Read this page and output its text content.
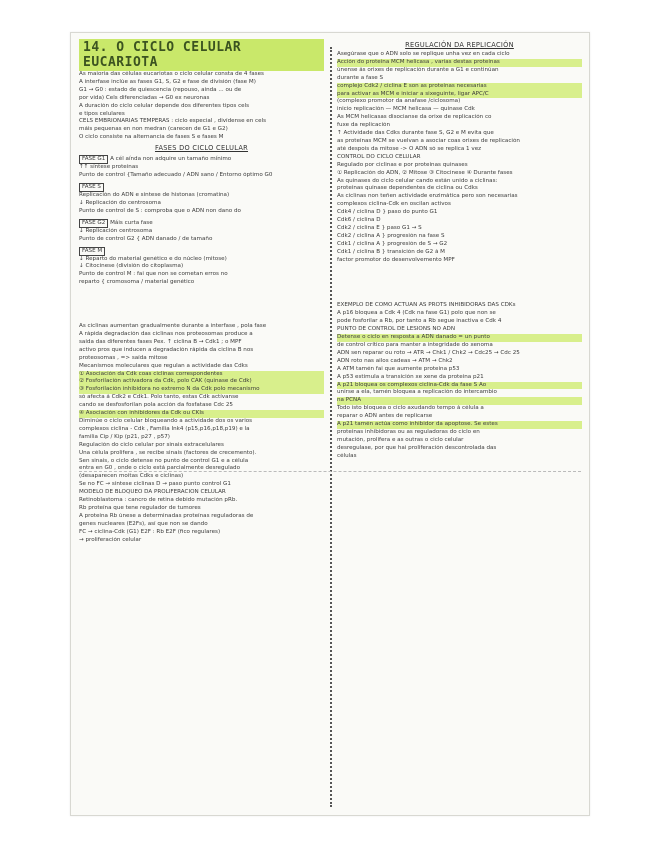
14. O CICLO CELULAR EUCARIOTA
As maioria das células eucariotas o ciclo celular consta de 4 fases
A interfase inclúe as fases G1, S, G2 e fase de división (fase M)
G1 → G0 : estado de quiescencia (repouso, aínda ... ou de
por vida) Cels diferenciadas → G0 ex neuronas
A duración do ciclo celular depende dos diferentes tipos cels
e tipos celulares
CELS EMBRIONARIAS TEMPERÁS : ciclo especial , divídense en cels
máis pequenas en non medran (carecen de G1 e G2)
O ciclo consiste na alternancia de fases S e fases M
FASES DO CICLO CELULAR
FASE G1 A cél aínda non adquire un tamaño mínimo
↑↑ síntese proteínas
Punto de control {Tamaño adecuado / ADN sano / Entorno óptimo G0
FASE S
Replicación do ADN e síntese de histonas (cromatina)
↓ Replicación do centrosoma
Punto de control de S : comproba que o ADN non dano do
FASE G2 Máis curta fase
↓ Replicación centrosoma
Punto de control G2 { ADN danado / de tamaño
FASE M
↓ Reparto do material genético e do núcleo (mitose)
↓ Citocinese (división do citoplasma)
Punto de control M : fai que non se cometan erros no
reparto { cromosoma / material genético
As ciclinas aumentan gradualmente durante a interfase , pola fase
A rápida degradación das ciclinas nos proteosomas produce a
saída das diferentes fases Pex. ↑ ciclina B → Cdk1 ; o MPF
activo pros que inducen a degradación rápida da ciclina B nos
proteosomas , => saída mitose
Mecanismos moleculares que regulan a actividade das Cdks
① Asociación da Cdk coas ciclinas correspondentes
② Fosforilación activadora da Cdk, polo CAK (quinase de Cdk)
③ Fosforilación inhibidora no extremo N da Cdk polo mecanismo
só afecta á Cdk2 e Cdk1. Polo tanto, estas Cdk actívanse
cando se desfosforilan pola acción da fosfatase Cdc 25
④ Asociación con inhibidores da Cdk ou CKIs
Diminúe o ciclo celular bloqueando a actividade dos os varios
complexos ciclina - Cdk , Familia Ink4 (p15,p16,p18,p19) e la
familia Cip / Kip (p21, p27 , p57)
Regulación do ciclo celular por sinais extracelulares
Una célula prolifera , se recibe sinais (factores de crecemento).
Sen sinais, o ciclo detense no punto de control G1 e a célula
entra en G0 , onde o ciclo está parcialmente desregulado
(desaparecen moitas Cdks e ciclinas)
Se no FC → síntese ciclinas D → paso punto control G1
MODELO DE BLOQUEO DA PROLIFERACIÓN CELULAR
Retinoblastoma : cancro de retina debido mutación pRb.
Rb proteína que tene regulador de tumores
A proteína Rb únese a determinadas proteínas reguladoras de
genes nucleares (E2Fs), así que non se dando
FC → ciclina-Cdk (G1) E2F : Rb E2F (fico regulares)
→ proliferación celular
REGULACIÓN DA REPLICACIÓN
Asegúrase que o ADN solo se replique unha vez en cada ciclo
Acción do proteína MCM helicasa , varias destas proteínas
únense ás orixes de replicación durante a G1 e continúan
durante a fase S
complejo Cdk2 / ciclina E son as proteínas necesarias
para activar as MCM e iniciar a sixeguinte, ligar APC/C
(complexo promotor da anafase /ciclosoma)
inicio replicación — MCM helicasa — quinase Cdk
As MCM helicasas disocianse da orixe de replicación co
fuxe da replicación
↑ Actividade das Cdks durante fase S, G2 e M evita que
as proteínas MCM se vuelvan a asociar coas orixes de replicación
até despois da mitose -> O ADN só se replica 1 vez
CONTROL DO CICLO CELULAR
Regulado por ciclinas e por proteínas quinases
① Replicación do ADN, ② Mitose ③ Citocinese ④ Durante fases
As quinases do ciclo celular cando están unido a ciclinas:
proteínas quinase dependentes de ciclina ou Cdks
As ciclinas non teñen actividade enzimática pero son necesarias
complexos ciclina-Cdk en oscilan activos
Cdk4 / ciclina D } paso do punto G1
Cdk6 / ciclina D
Cdk2 / ciclina E } paso G1 → S
Cdk2 / ciclina A } progresión na fase S
Cdk1 / ciclina A } progresión de S → G2
Cdk1 / ciclina B } transición de G2 á M
factor promotor do desenvolvemento MPF
EXEMPLO DE COMO ACTÚAN AS PROTS INHIBIDORAS DAS CDKs
A p16 bloquea a Cdk 4 (Cdk na fase G1) polo que non se
pode fosforilar a Rb, por tanto a Rb segue inactiva e Cdk 4
PUNTO DE CONTROL DE LESIÓNS NO ADN
Detense o ciclo en resposta a ADN danado = un punto
de control crítico para manter a integridade do xenoma
ADN sen reparar ou roto → ATR → Chk1 / Chk2 → Cdc25 → Cdc 25
ADN roto nas ailos cadeas → ATM → Chk2
A ATM tamén fai que aumente proteína p53
A p53 estimula a transición xe xene da proteína p21
A p21 bloquea os complexos ciclina-Cdk da fase S Ao
unirse a ela, tamén bloquea a replicación do intercambio
na PCNA
Todo isto bloquea o ciclo axudando tempo á célula a
reparar o ADN antes de replicarse
A p21 tamén actúa como inhibidor da apoptose. Se estes
proteínas inhibidoras ou as reguladoras do ciclo en
mutación, prolifera e as outras o ciclo celular
desregulase, por que hai proliferación descontrolada das
células
